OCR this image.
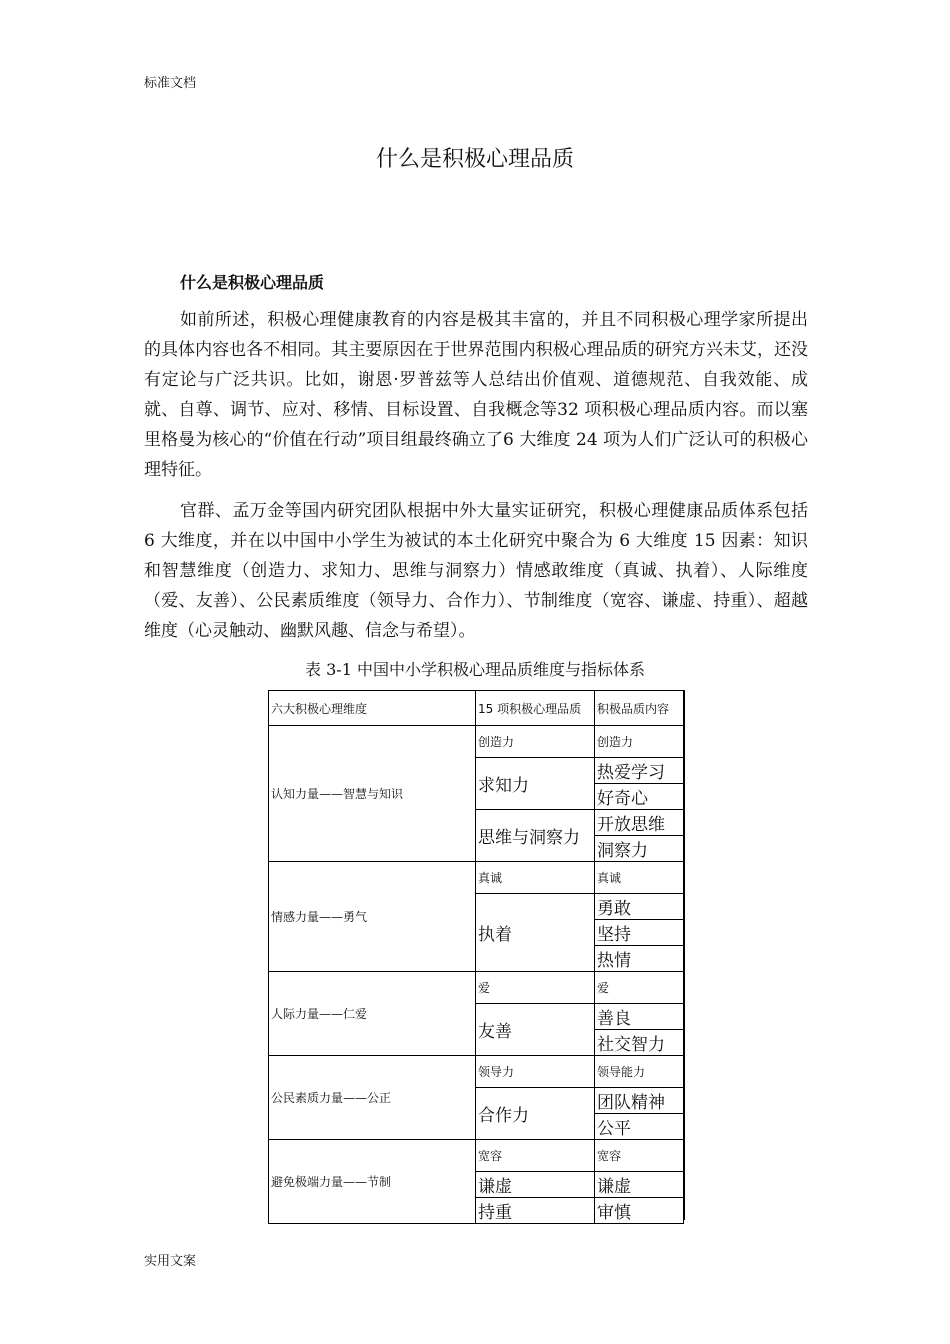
标准文档
什么是积极心理品质
什么是积极心理品质

如前所述，积极心理健康教育的内容是极其丰富的，并且不同积极心理学家所提出的具体内容也各不相同。其主要原因在于世界范围内积极心理品质的研究方兴未艾，还没有定论与广泛共识。比如，谢恩·罗普兹等人总结出价值观、道德规范、自我效能、成就、自尊、调节、应对、移情、目标设置、自我概念等32 项积极心理品质内容。而以塞里格曼为核心的“价值在行动”项目组最终确立了6 大维度 24 项为人们广泛认可的积极心理特征。

官群、孟万金等国内研究团队根据中外大量实证研究，积极心理健康品质体系包括 6 大维度，并在以中国中小学生为被试的本土化研究中聚合为 6 大维度 15 因素：知识和智慧维度（创造力、求知力、思维与洞察力）情感敢维度（真诚、执着）、人际维度（爱、友善）、公民素质维度（领导力、合作力）、节制维度（宽容、谦虚、持重）、超越维度（心灵触动、幽默风趣、信念与希望）。

表 3-1 中国中小学积极心理品质维度与指标体系
六大积极心理维度	15 项积极心理品质	积极品质内容
认知力量——智慧与知识	创造力	创造力
	求知力	热爱学习
		好奇心
	思维与洞察力	开放思维
		洞察力
情感力量——勇气	真诚	真诚
	执着	勇敢
		坚持
		热情
人际力量——仁爱	爱	爱
	友善	善良
		社交智力
公民素质力量——公正	领导力	领导能力
	合作力	团队精神
		公平
避免极端力量——节制	宽容	宽容
	谦虚	谦虚
	持重	审慎
实用文案
